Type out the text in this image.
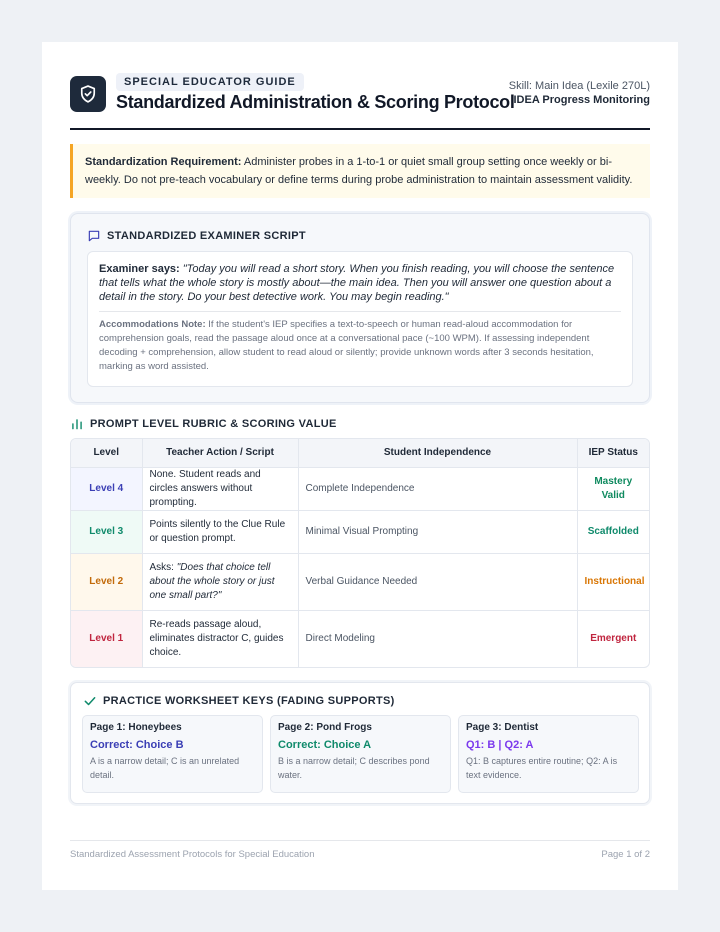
SPECIAL EDUCATOR GUIDE
Standardized Administration & Scoring Protocol
Skill: Main Idea (Lexile 270L)
IDEA Progress Monitoring
Standardization Requirement: Administer probes in a 1-to-1 or quiet small group setting once weekly or bi-weekly. Do not pre-teach vocabulary or define terms during probe administration to maintain assessment validity.
STANDARDIZED EXAMINER SCRIPT
Examiner says: "Today you will read a short story. When you finish reading, you will choose the sentence that tells what the whole story is mostly about—the main idea. Then you will answer one question about a detail in the story. Do your best detective work. You may begin reading."
Accommodations Note: If the student's IEP specifies a text-to-speech or human read-aloud accommodation for comprehension goals, read the passage aloud once at a conversational pace (~100 WPM). If assessing independent decoding + comprehension, allow student to read aloud or silently; provide unknown words after 3 seconds hesitation, marking as word assisted.
PROMPT LEVEL RUBRIC & SCORING VALUE
Level	Teacher Action / Script	Student Independence	IEP Status
Level 4	None. Student reads and circles answers without prompting.	Complete Independence	Mastery Valid
Level 3	Points silently to the Clue Rule or question prompt.	Minimal Visual Prompting	Scaffolded
Level 2	Asks: "Does that choice tell about the whole story or just one small part?"	Verbal Guidance Needed	Instructional
Level 1	Re-reads passage aloud, eliminates distractor C, guides choice.	Direct Modeling	Emergent
PRACTICE WORKSHEET KEYS (FADING SUPPORTS)
Page 1: Honeybees
Correct: Choice B
A is a narrow detail; C is an unrelated detail.
Page 2: Pond Frogs
Correct: Choice A
B is a narrow detail; C describes pond water.
Page 3: Dentist
Q1: B | Q2: A
Q1: B captures entire routine; Q2: A is text evidence.
Standardized Assessment Protocols for Special Education	Page 1 of 2
